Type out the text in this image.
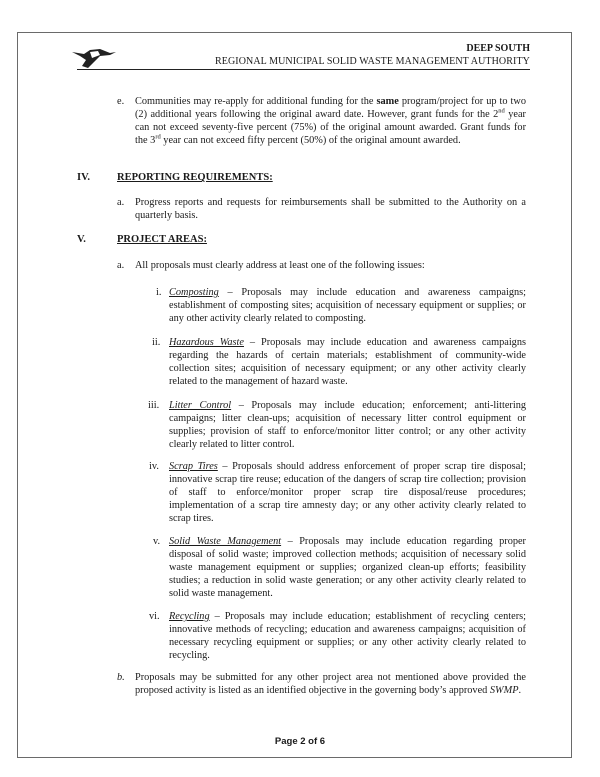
DEEP SOUTH
REGIONAL MUNICIPAL SOLID WASTE MANAGEMENT AUTHORITY
e. Communities may re-apply for additional funding for the same program/project for up to two (2) additional years following the original award date. However, grant funds for the 2nd year can not exceed seventy-five percent (75%) of the original amount awarded. Grant funds for the 3rd year can not exceed fifty percent (50%) of the original amount awarded.
IV.	REPORTING REQUIREMENTS:
a. Progress reports and requests for reimbursements shall be submitted to the Authority on a quarterly basis.
V.	PROJECT AREAS:
a. All proposals must clearly address at least one of the following issues:
i. Composting – Proposals may include education and awareness campaigns; establishment of composting sites; acquisition of necessary equipment or supplies; or any other activity clearly related to composting.
ii. Hazardous Waste – Proposals may include education and awareness campaigns regarding the hazards of certain materials; establishment of community-wide collection sites; acquisition of necessary equipment; or any other activity clearly related to the management of hazard waste.
iii. Litter Control – Proposals may include education; enforcement; anti-littering campaigns; litter clean-ups; acquisition of necessary litter control equipment or supplies; provision of staff to enforce/monitor litter control; or any other activity clearly related to litter control.
iv. Scrap Tires – Proposals should address enforcement of proper scrap tire disposal; innovative scrap tire reuse; education of the dangers of scrap tire collection; provision of staff to enforce/monitor proper scrap tire disposal/reuse procedures; implementation of a scrap tire amnesty day; or any other activity clearly related to scrap tires.
v. Solid Waste Management – Proposals may include education regarding proper disposal of solid waste; improved collection methods; acquisition of necessary solid waste management equipment or supplies; organized clean-up efforts; feasibility studies; a reduction in solid waste generation; or any other activity clearly related to solid waste management.
vi. Recycling – Proposals may include education; establishment of recycling centers; innovative methods of recycling; education and awareness campaigns; acquisition of necessary recycling equipment or supplies; or any other activity clearly related to recycling.
b. Proposals may be submitted for any other project area not mentioned above provided the proposed activity is listed as an identified objective in the governing body’s approved SWMP.
Page 2 of 6
